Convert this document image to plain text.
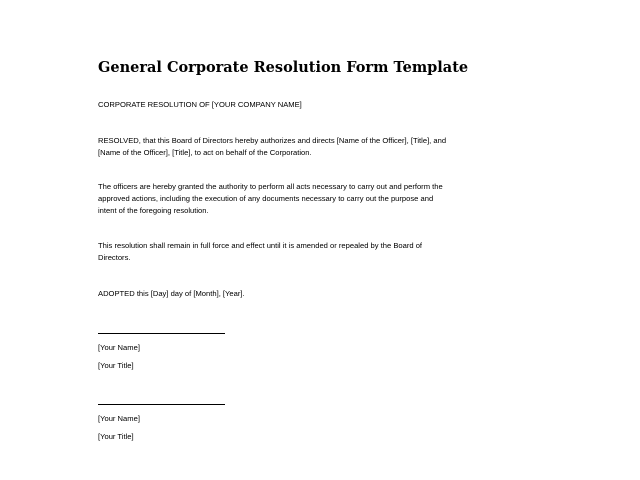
General Corporate Resolution Form Template
CORPORATE RESOLUTION OF [YOUR COMPANY NAME]
RESOLVED, that this Board of Directors hereby authorizes and directs [Name of the Officer], [Title], and
[Name of the Officer], [Title], to act on behalf of the Corporation.
The officers are hereby granted the authority to perform all acts necessary to carry out and perform the
approved actions, including the execution of any documents necessary to carry out the purpose and
intent of the foregoing resolution.
This resolution shall remain in full force and effect until it is amended or repealed by the Board of
Directors.
ADOPTED this [Day] day of [Month], [Year].
[Your Name]
[Your Title]
[Your Name]
[Your Title]
